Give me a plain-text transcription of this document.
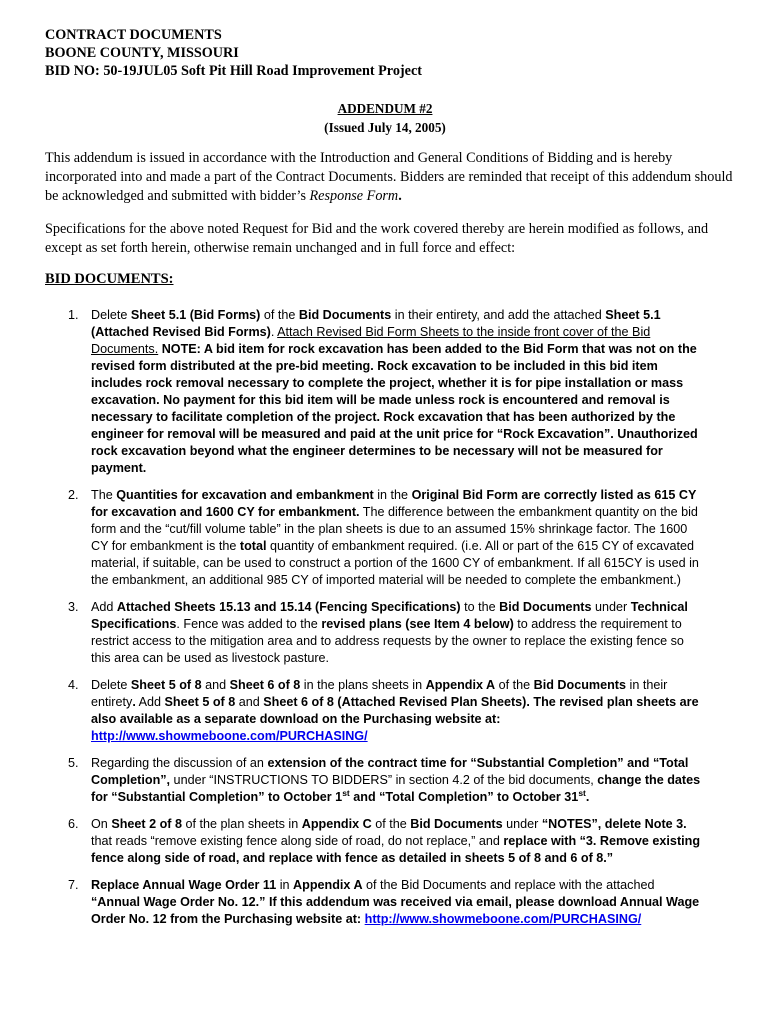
CONTRACT DOCUMENTS
BOONE COUNTY, MISSOURI
BID NO: 50-19JUL05 Soft Pit Hill Road Improvement Project
ADDENDUM #2
(Issued July 14, 2005)
This addendum is issued in accordance with the Introduction and General Conditions of Bidding and is hereby incorporated into and made a part of the Contract Documents. Bidders are reminded that receipt of this addendum should be acknowledged and submitted with bidder’s Response Form.
Specifications for the above noted Request for Bid and the work covered thereby are herein modified as follows, and except as set forth herein, otherwise remain unchanged and in full force and effect:
BID DOCUMENTS:
1. Delete Sheet 5.1 (Bid Forms) of the Bid Documents in their entirety, and add the attached Sheet 5.1 (Attached Revised Bid Forms). Attach Revised Bid Form Sheets to the inside front cover of the Bid Documents. NOTE: A bid item for rock excavation has been added to the Bid Form that was not on the revised form distributed at the pre-bid meeting. Rock excavation to be included in this bid item includes rock removal necessary to complete the project, whether it is for pipe installation or mass excavation. No payment for this bid item will be made unless rock is encountered and removal is necessary to facilitate completion of the project. Rock excavation that has been authorized by the engineer for removal will be measured and paid at the unit price for “Rock Excavation”. Unauthorized rock excavation beyond what the engineer determines to be necessary will not be measured for payment.
2. The Quantities for excavation and embankment in the Original Bid Form are correctly listed as 615 CY for excavation and 1600 CY for embankment. The difference between the embankment quantity on the bid form and the “cut/fill volume table” in the plan sheets is due to an assumed 15% shrinkage factor. The 1600 CY for embankment is the total quantity of embankment required. (i.e. All or part of the 615 CY of excavated material, if suitable, can be used to construct a portion of the 1600 CY of embankment. If all 615CY is used in the embankment, an additional 985 CY of imported material will be needed to complete the embankment.)
3. Add Attached Sheets 15.13 and 15.14 (Fencing Specifications) to the Bid Documents under Technical Specifications. Fence was added to the revised plans (see Item 4 below) to address the requirement to restrict access to the mitigation area and to address requests by the owner to replace the existing fence so this area can be used as livestock pasture.
4. Delete Sheet 5 of 8 and Sheet 6 of 8 in the plans sheets in Appendix A of the Bid Documents in their entirety. Add Sheet 5 of 8 and Sheet 6 of 8 (Attached Revised Plan Sheets). The revised plan sheets are also available as a separate download on the Purchasing website at: http://www.showmeboone.com/PURCHASING/
5. Regarding the discussion of an extension of the contract time for “Substantial Completion” and “Total Completion”, under “INSTRUCTIONS TO BIDDERS” in section 4.2 of the bid documents, change the dates for “Substantial Completion” to October 1st and “Total Completion” to October 31st.
6. On Sheet 2 of 8 of the plan sheets in Appendix C of the Bid Documents under “NOTES”, delete Note 3. that reads “remove existing fence along side of road, do not replace,” and replace with “3. Remove existing fence along side of road, and replace with fence as detailed in sheets 5 of 8 and 6 of 8.”
7. Replace Annual Wage Order 11 in Appendix A of the Bid Documents and replace with the attached “Annual Wage Order No. 12.” If this addendum was received via email, please download Annual Wage Order No. 12 from the Purchasing website at: http://www.showmeboone.com/PURCHASING/
